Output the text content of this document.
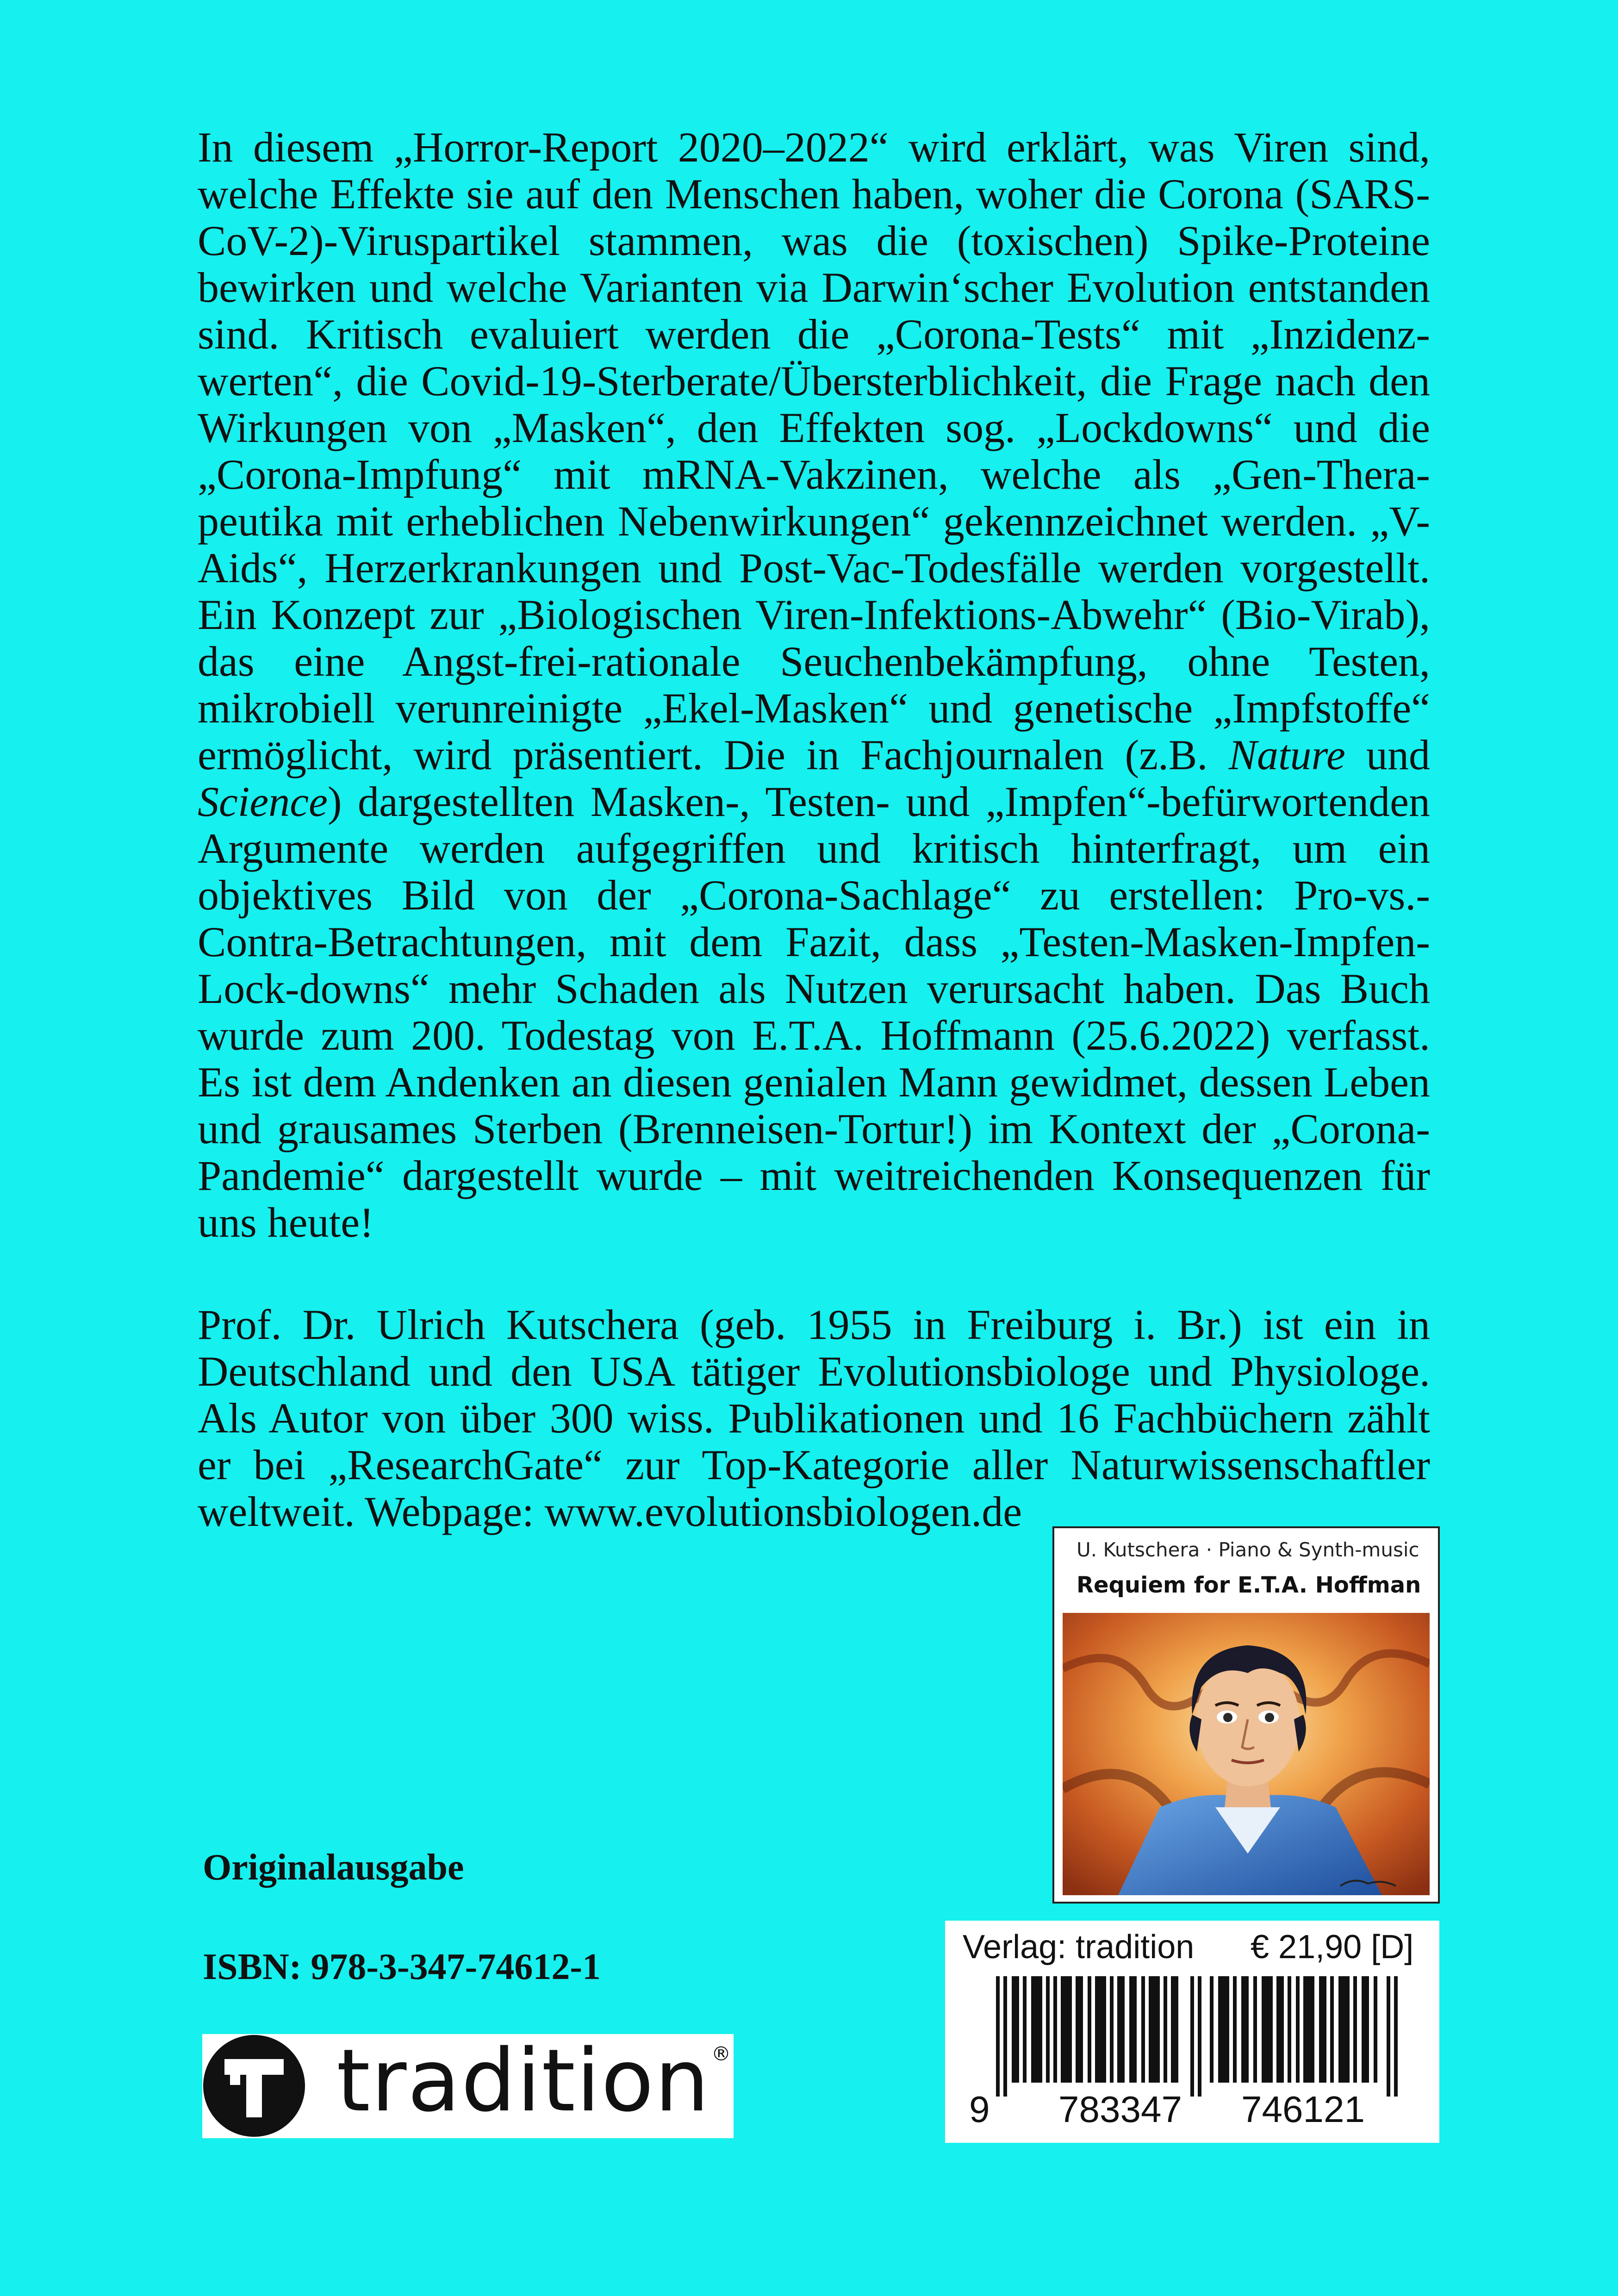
In diesem „Horror-Report 2020–2022“ wird erklärt, was Viren sind, welche Effekte sie auf den Menschen haben, woher die Corona (SARS-CoV-2)-Viruspartikel stammen, was die (toxischen) Spike-Proteine bewirken und welche Varianten via Darwin‘scher Evolution entstanden sind. Kritisch evaluiert werden die „Corona-Tests“ mit „Inzidenz-werten“, die Covid-19-Sterberate/Übersterblichkeit, die Frage nach den Wirkungen von „Masken“, den Effekten sog. „Lockdowns“ und die „Corona-Impfung“ mit mRNA-Vakzinen, welche als „Gen-Thera-peutika mit erheblichen Nebenwirkungen“ gekennzeichnet werden. „V-Aids“, Herzerkrankungen und Post-Vac-Todesfälle werden vorgestellt. Ein Konzept zur „Biologischen Viren-Infektions-Abwehr“ (Bio-Virab), das eine Angst-frei-rationale Seuchenbekämpfung, ohne Testen, mikrobiell verunreinigte „Ekel-Masken“ und genetische „Impfstoffe“ ermöglicht, wird präsentiert. Die in Fachjournalen (z.B. Nature und Science) dargestellten Masken-, Testen- und „Impfen“-befürwortenden Argumente werden aufgegriffen und kritisch hinterfragt, um ein objektives Bild von der „Corona-Sachlage“ zu erstellen: Pro-vs.-Contra-Betrachtungen, mit dem Fazit, dass „Testen-Masken-Impfen-Lock-downs“ mehr Schaden als Nutzen verursacht haben. Das Buch wurde zum 200. Todestag von E.T.A. Hoffmann (25.6.2022) verfasst. Es ist dem Andenken an diesen genialen Mann gewidmet, dessen Leben und grausames Sterben (Brenneisen-Tortur!) im Kontext der „Corona-Pandemie“ dargestellt wurde – mit weitreichenden Konsequenzen für uns heute!

Prof. Dr. Ulrich Kutschera (geb. 1955 in Freiburg i. Br.) ist ein in Deutschland und den USA tätiger Evolutionsbiologe und Physiologe. Als Autor von über 300 wiss. Publikationen und 16 Fachbüchern zählt er bei „ResearchGate“ zur Top-Kategorie aller Naturwissenschaftler weltweit. Webpage: www.evolutionsbiologen.de

Originalausgabe
ISBN: 978-3-347-74612-1
tradition ®
U. Kutschera · Piano & Synth-music
Requiem for E.T.A. Hoffman
Verlag: tradition € 21,90 [D]
9 783347 746121
